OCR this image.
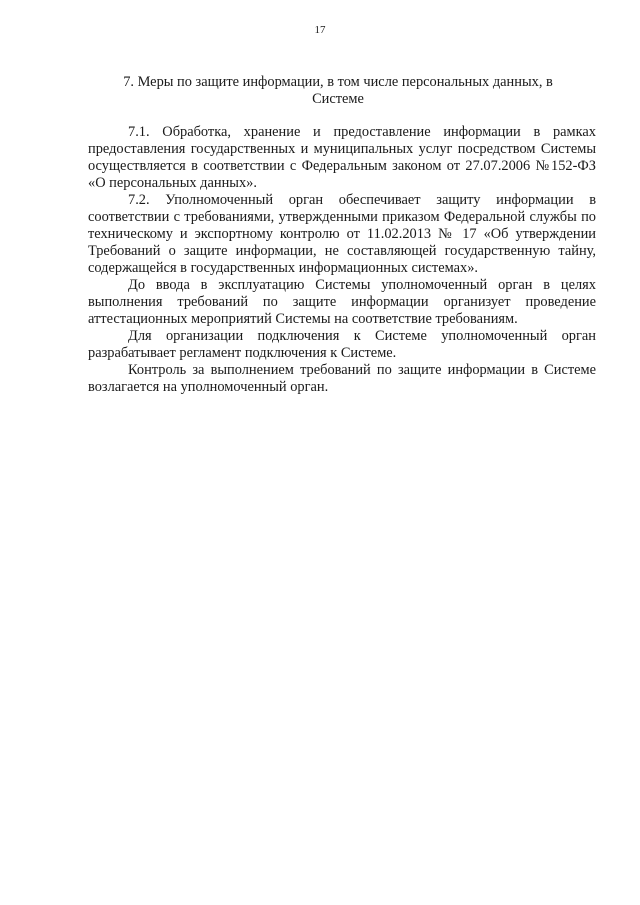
17
7. Меры по защите информации, в том числе персональных данных, в Системе

7.1. Обработка, хранение и предоставление информации в рамках предоставления государственных и муниципальных услуг посредством Системы осуществляется в соответствии с Федеральным законом от 27.07.2006 №152-ФЗ «О персональных данных».

7.2. Уполномоченный орган обеспечивает защиту информации в соответствии с требованиями, утвержденными приказом Федеральной службы по техническому и экспортному контролю от 11.02.2013 № 17 «Об утверждении Требований о защите информации, не составляющей государственную тайну, содержащейся в государственных информационных системах».

До ввода в эксплуатацию Системы уполномоченный орган в целях выполнения требований по защите информации организует проведение аттестационных мероприятий Системы на соответствие требованиям.

Для организации подключения к Системе уполномоченный орган разрабатывает регламент подключения к Системе.

Контроль за выполнением требований по защите информации в Системе возлагается на уполномоченный орган.
